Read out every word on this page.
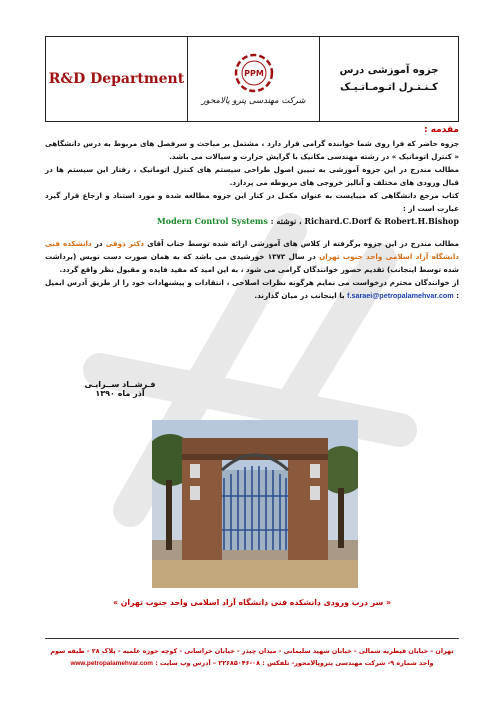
R&D Department	PPM
شرکت مهندسی پترو پالامحور
جزوه آموزشی درس
کـنـتـرل اتـومـاتـیـک

مقدمه :

جزوه حاضر که فرا روی شما خواننده گرامی قرار دارد ، مشتمل بر مباحث و سرفصل های مربوط به درس دانشگاهی « کنترل اتوماتیک » در رشته مهندسی مکانیک با گرایش حرارت و سیالات می باشد.

مطالب مندرج در این جزوه آموزشی به تبیین اصول طراحی سیستم های کنترل اتوماتیک ، رفتار این سیستم ها در قبال ورودی های مختلف و آنالیز خروجی های مربوطه می پردازد.

کتاب مرجع دانشگاهی که میبایست به عنوان مکمل در کنار این جزوه مطالعه شده و مورد استناد و ارجاع قرار گیرد عبارت است از :

Modern Control Systems : نوشته ، Richard.C.Dorf & Robert.H.Bishop

مطالب مندرج در این جزوه برگرفته از کلاس های آموزشی ارائه شده توسط جناب آقای دکتر ذوقی در دانشکده فنی دانشگاه آزاد اسلامی واحد جنوب تهران در سال ۱۳۷۳ خورشیدی می باشد که به همان صورت دست نویس (برداشت شده توسط اینجانب) تقدیم حضور خوانندگان گرامی می شود ، به این امید که مفید فایده و مقبول نظر واقع گردد.

از خوانندگان محترم درخواست می نمایم هرگونه نظرات اصلاحی ، انتقادات و پیشنهادات خود را از طریق آدرس ایمیل : f.saraei@petropalamehvar.com با اینجانب در میان گذارند.

فـرشــاد ســرایـی
آذر ماه ۱۳۹۰
« سر درب ورودی دانشکده فنی دانشگاه آزاد اسلامی واحد جنوب تهران »
تهران - خیابان قیطریه شمالی - خیابان شهید سلیمانی - میدان چیذر - خیابان خراسانی - کوچه حوزه علمیه - پلاک ۲۸ - طبقه سوم
واحد شماره ۹- شرکت مهندسی پتروپالامحور- تلفکس : ۰۸-۲۲۶۸۵۰۴۶ – آدرس وب سایت : www.petropalamehvar.com
